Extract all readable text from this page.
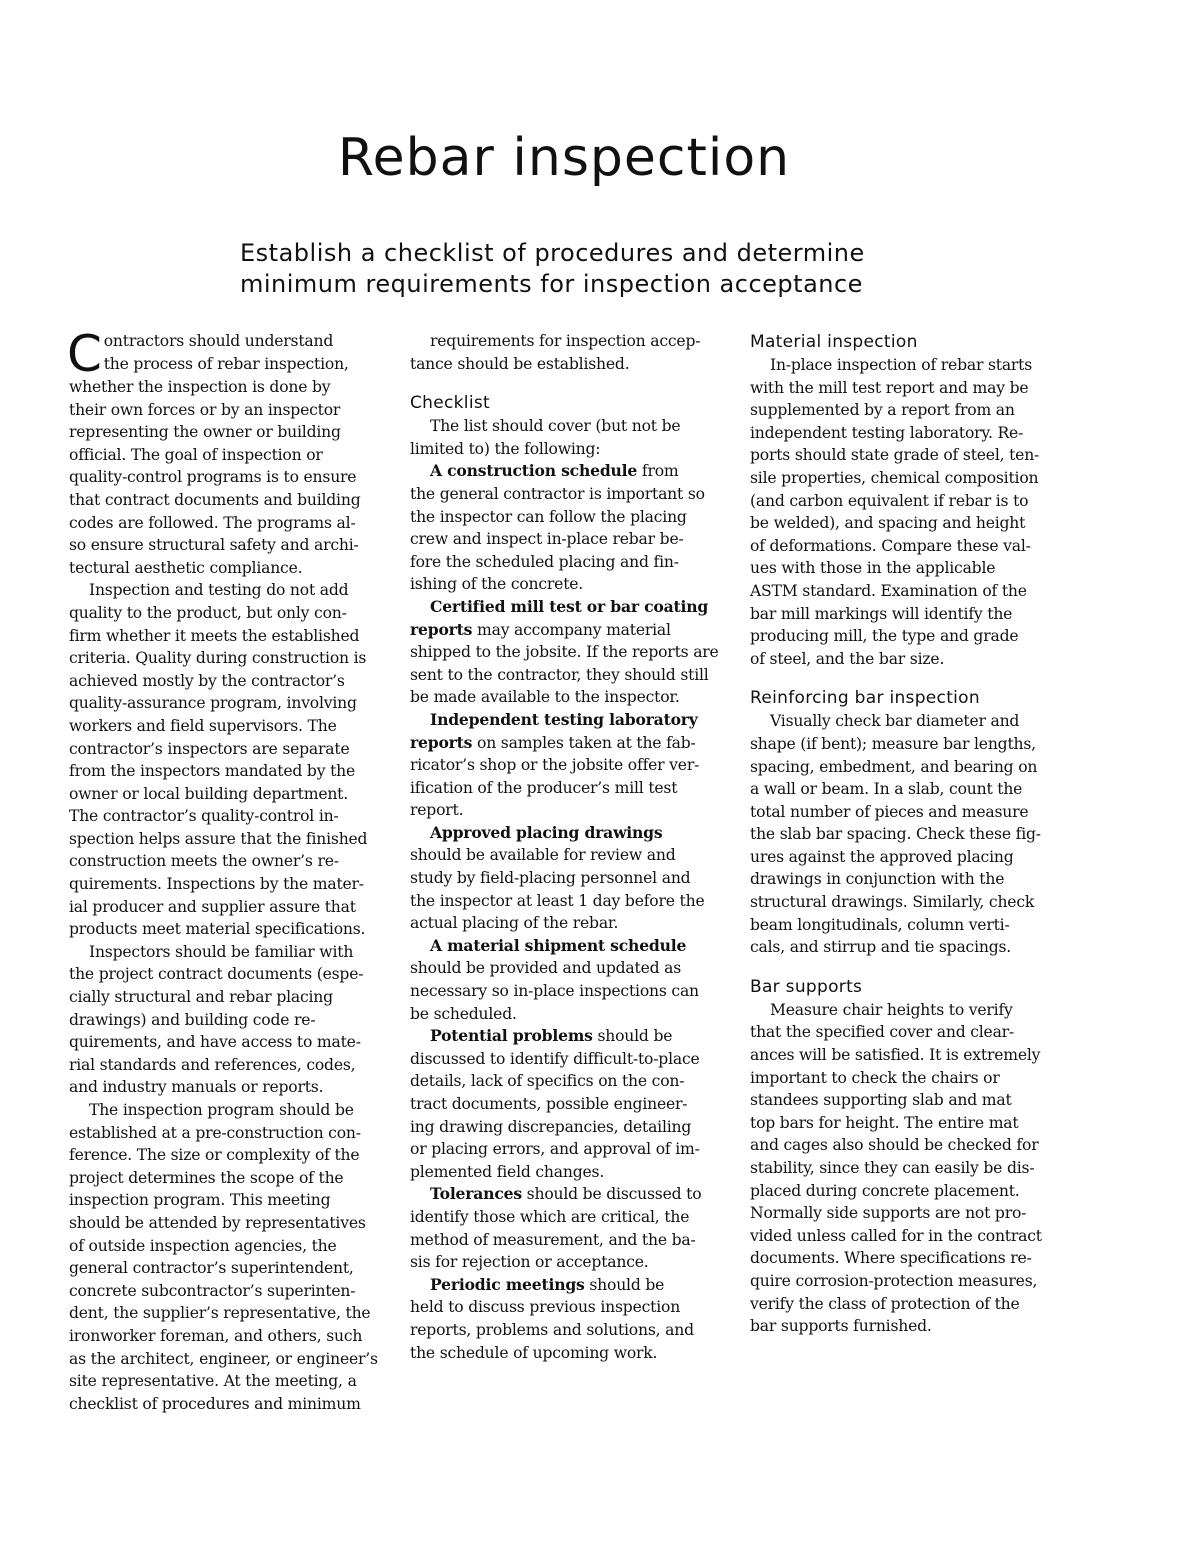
Rebar inspection
Establish a checklist of procedures and determine
minimum requirements for inspection acceptance
C ontractors should understand
the process of rebar inspection,
whether the inspection is done by
their own forces or by an inspector
representing the owner or building
official. The goal of inspection or
quality-control programs is to ensure
that contract documents and building
codes are followed. The programs al-
so ensure structural safety and archi-
tectural aesthetic compliance.
Inspection and testing do not add
quality to the product, but only con-
firm whether it meets the established
criteria. Quality during construction is
achieved mostly by the contractor’s
quality-assurance program, involving
workers and field supervisors. The
contractor’s inspectors are separate
from the inspectors mandated by the
owner or local building department.
The contractor’s quality-control in-
spection helps assure that the finished
construction meets the owner’s re-
quirements. Inspections by the mater-
ial producer and supplier assure that
products meet material specifications.
Inspectors should be familiar with
the project contract documents (espe-
cially structural and rebar placing
drawings) and building code re-
quirements, and have access to mate-
rial standards and references, codes,
and industry manuals or reports.
The inspection program should be
established at a pre-construction con-
ference. The size or complexity of the
project determines the scope of the
inspection program. This meeting
should be attended by representatives
of outside inspection agencies, the
general contractor’s superintendent,
concrete subcontractor’s superinten-
dent, the supplier’s representative, the
ironworker foreman, and others, such
as the architect, engineer, or engineer’s
site representative. At the meeting, a
checklist of procedures and minimum
requirements for inspection accep-
tance should be established.
Checklist
The list should cover (but not be
limited to) the following:
A construction schedule from
the general contractor is important so
the inspector can follow the placing
crew and inspect in-place rebar be-
fore the scheduled placing and fin-
ishing of the concrete.
Certified mill test or bar coating
reports may accompany material
shipped to the jobsite. If the reports are
sent to the contractor, they should still
be made available to the inspector.
Independent testing laboratory
reports on samples taken at the fab-
ricator’s shop or the jobsite offer ver-
ification of the producer’s mill test
report.
Approved placing drawings
should be available for review and
study by field-placing personnel and
the inspector at least 1 day before the
actual placing of the rebar.
A material shipment schedule
should be provided and updated as
necessary so in-place inspections can
be scheduled.
Potential problems should be
discussed to identify difficult-to-place
details, lack of specifics on the con-
tract documents, possible engineer-
ing drawing discrepancies, detailing
or placing errors, and approval of im-
plemented field changes.
Tolerances should be discussed to
identify those which are critical, the
method of measurement, and the ba-
sis for rejection or acceptance.
Periodic meetings should be
held to discuss previous inspection
reports, problems and solutions, and
the schedule of upcoming work.
Material inspection
In-place inspection of rebar starts
with the mill test report and may be
supplemented by a report from an
independent testing laboratory. Re-
ports should state grade of steel, ten-
sile properties, chemical composition
(and carbon equivalent if rebar is to
be welded), and spacing and height
of deformations. Compare these val-
ues with those in the applicable
ASTM standard. Examination of the
bar mill markings will identify the
producing mill, the type and grade
of steel, and the bar size.
Reinforcing bar inspection
Visually check bar diameter and
shape (if bent); measure bar lengths,
spacing, embedment, and bearing on
a wall or beam. In a slab, count the
total number of pieces and measure
the slab bar spacing. Check these fig-
ures against the approved placing
drawings in conjunction with the
structural drawings. Similarly, check
beam longitudinals, column verti-
cals, and stirrup and tie spacings.
Bar supports
Measure chair heights to verify
that the specified cover and clear-
ances will be satisfied. It is extremely
important to check the chairs or
standees supporting slab and mat
top bars for height. The entire mat
and cages also should be checked for
stability, since they can easily be dis-
placed during concrete placement.
Normally side supports are not pro-
vided unless called for in the contract
documents. Where specifications re-
quire corrosion-protection measures,
verify the class of protection of the
bar supports furnished.
